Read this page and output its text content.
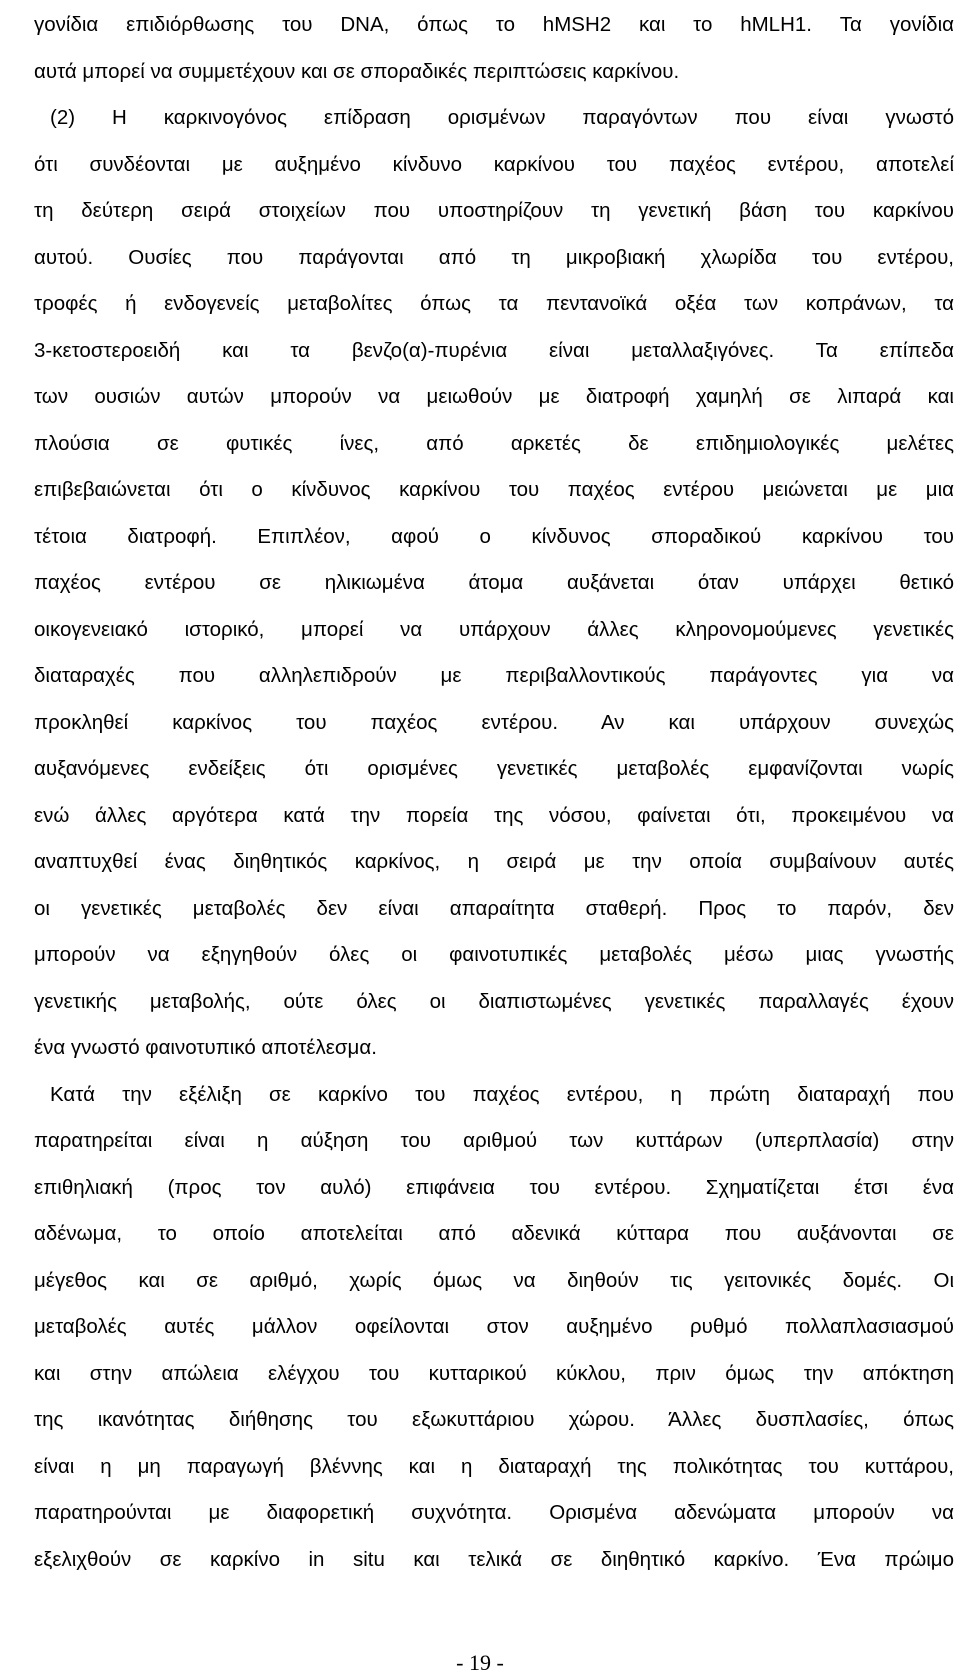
γονίδια επιδιόρθωσης του DNA, όπως το hMSH2 και το hMLH1. Τα γονίδια
αυτά μπορεί να συμμετέχουν και σε σποραδικές περιπτώσεις καρκίνου.
(2) Η καρκινογόνος επίδραση ορισμένων παραγόντων που είναι γνωστό
ότι συνδέονται με αυξημένο κίνδυνο καρκίνου του παχέος εντέρου, αποτελεί
τη δεύτερη σειρά στοιχείων που υποστηρίζουν τη γενετική βάση του καρκίνου
αυτού. Ουσίες που παράγονται από τη μικροβιακή χλωρίδα του εντέρου,
τροφές ή ενδογενείς μεταβολίτες όπως τα πεντανοϊκά οξέα των κοπράνων, τα
3-κετοστεροειδή και τα βενζο(α)-πυρένια είναι μεταλλαξιγόνες. Τα επίπεδα
των ουσιών αυτών μπορούν να μειωθούν με διατροφή χαμηλή σε λιπαρά και
πλούσια σε φυτικές ίνες, από αρκετές δε επιδημιολογικές μελέτες
επιβεβαιώνεται ότι ο κίνδυνος καρκίνου του παχέος εντέρου μειώνεται με μια
τέτοια διατροφή. Επιπλέον, αφού ο κίνδυνος σποραδικού καρκίνου του
παχέος εντέρου σε ηλικιωμένα άτομα αυξάνεται όταν υπάρχει θετικό
οικογενειακό ιστορικό, μπορεί να υπάρχουν άλλες κληρονομούμενες γενετικές
διαταραχές που αλληλεπιδρούν με περιβαλλοντικούς παράγοντες για να
προκληθεί καρκίνος του παχέος εντέρου. Αν και υπάρχουν συνεχώς
αυξανόμενες ενδείξεις ότι ορισμένες γενετικές μεταβολές εμφανίζονται νωρίς
ενώ άλλες αργότερα κατά την πορεία της νόσου, φαίνεται ότι, προκειμένου να
αναπτυχθεί ένας διηθητικός καρκίνος, η σειρά με την οποία συμβαίνουν αυτές
οι γενετικές μεταβολές δεν είναι απαραίτητα σταθερή. Προς το παρόν, δεν
μπορούν να εξηγηθούν όλες οι φαινοτυπικές μεταβολές μέσω μιας γνωστής
γενετικής μεταβολής, ούτε όλες οι διαπιστωμένες γενετικές παραλλαγές έχουν
ένα γνωστό φαινοτυπικό αποτέλεσμα.
Κατά την εξέλιξη σε καρκίνο του παχέος εντέρου, η πρώτη διαταραχή που
παρατηρείται είναι η αύξηση του αριθμού των κυττάρων (υπερπλασία) στην
επιθηλιακή (προς τον αυλό) επιφάνεια του εντέρου. Σχηματίζεται έτσι ένα
αδένωμα, το οποίο αποτελείται από αδενικά κύτταρα που αυξάνονται σε
μέγεθος και σε αριθμό, χωρίς όμως να διηθούν τις γειτονικές δομές. Οι
μεταβολές αυτές μάλλον οφείλονται στον αυξημένο ρυθμό πολλαπλασιασμού
και στην απώλεια ελέγχου του κυτταρικού κύκλου, πριν όμως την απόκτηση
της ικανότητας διήθησης του εξωκυττάριου χώρου. Άλλες δυσπλασίες, όπως
είναι η μη παραγωγή βλέννης και η διαταραχή της πολικότητας του κυττάρου,
παρατηρούνται με διαφορετική συχνότητα. Ορισμένα αδενώματα μπορούν να
εξελιχθούν σε καρκίνο in situ και τελικά σε διηθητικό καρκίνο. Ένα πρώιμο
- 19 -
